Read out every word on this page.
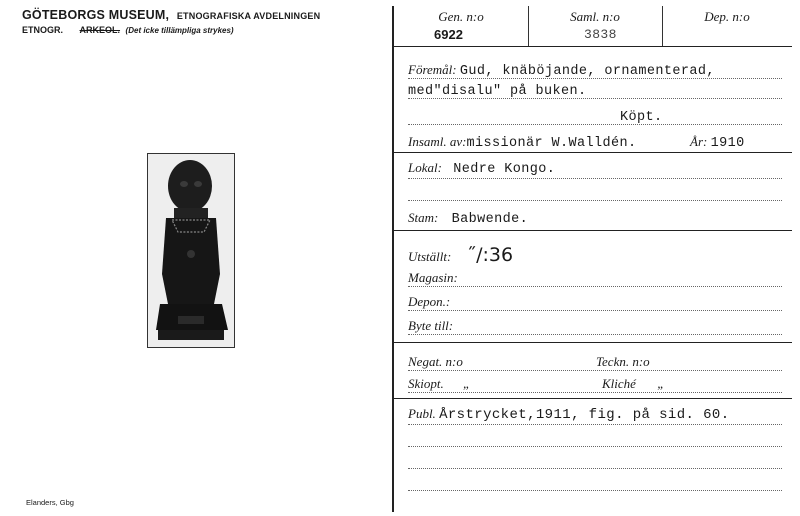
GÖTEBORGS MUSEUM, ETNOGRAFISKA AVDELNINGEN
ETNOGR. ARKEOL. (Det icke tillämpliga strykes)
Elanders, Gbg
Gen. n:o
6922
Saml. n:o
3838
Dep. n:o
Föremål: Gud, knäböjande, ornamenterad,
med"disalu" på buken.
Köpt.
Insaml. av:missionär W.Walldén.	År: 1910
Lokal: Nedre Kongo.
Stam: Babwende.
Utställt: ˝/:36
Magasin:
Depon.:
Byte till:
Negat. n:o	Teckn. n:o
Skiopt. „	Kliché „
Publ. Årstrycket,1911, fig. på sid. 60.
